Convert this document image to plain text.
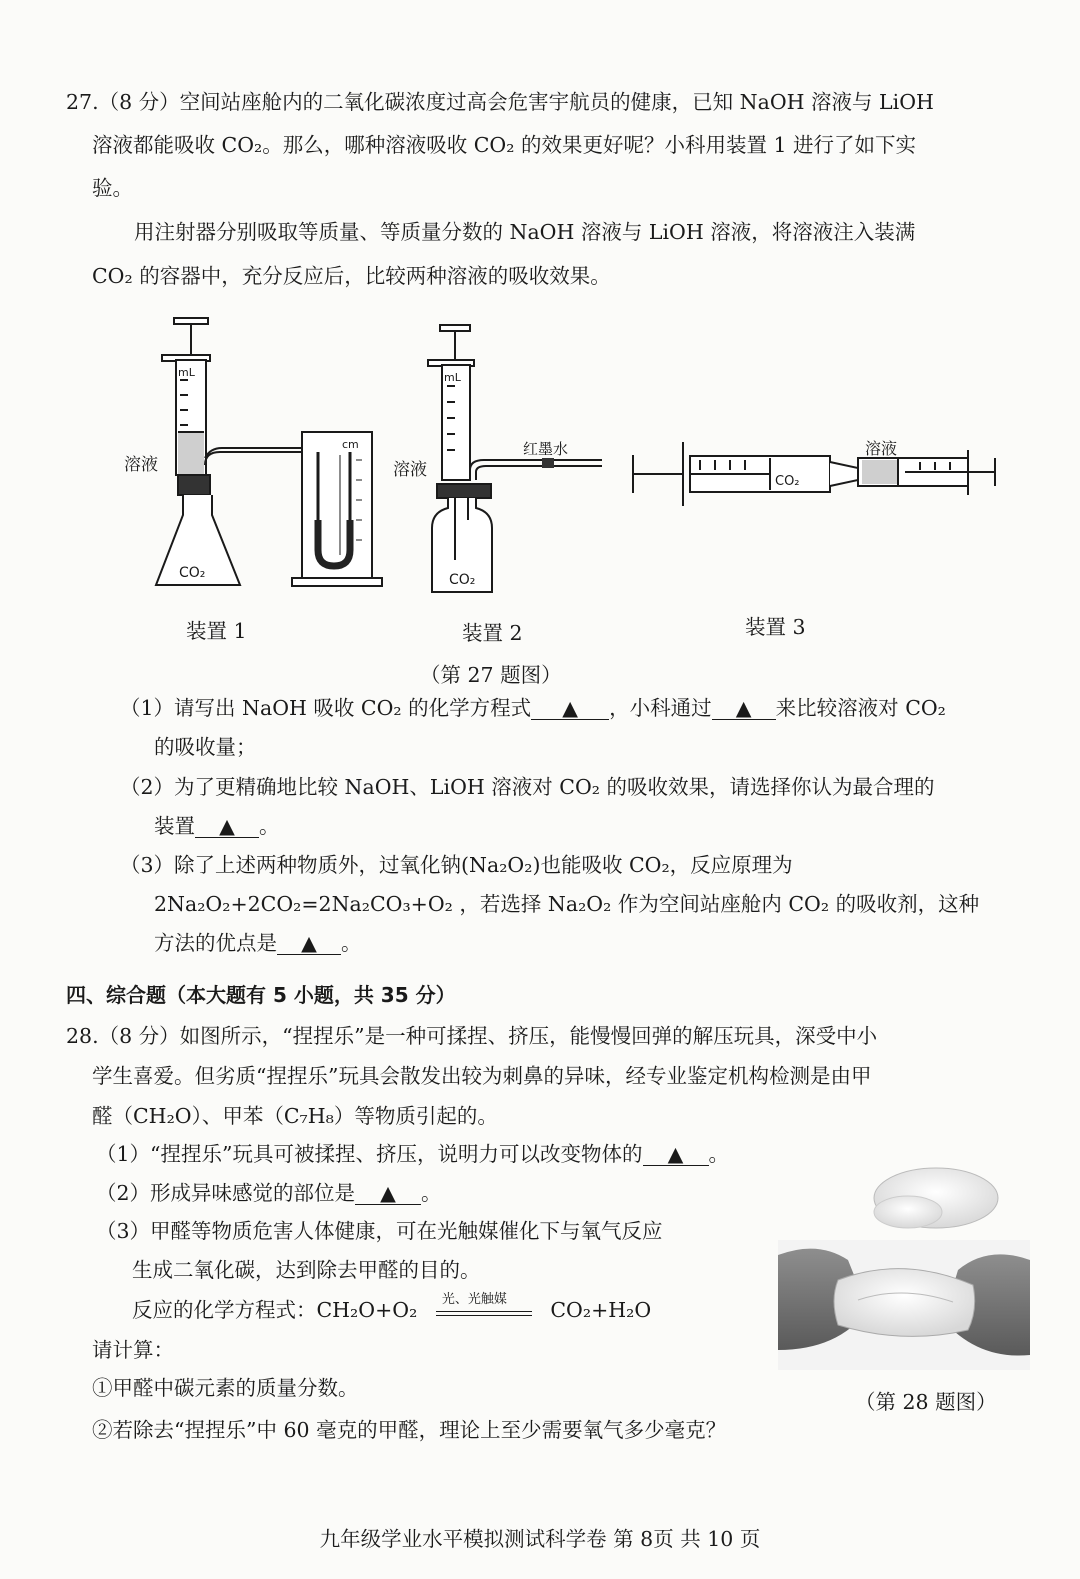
27.（8 分）空间站座舱内的二氧化碳浓度过高会危害宇航员的健康，已知 NaOH 溶液与 LiOH
溶液都能吸收 CO₂。那么，哪种溶液吸收 CO₂ 的效果更好呢？小科用装置 1 进行了如下实
验。
用注射器分别吸取等质量、等质量分数的 NaOH 溶液与 LiOH 溶液，将溶液注入装满
CO₂ 的容器中，充分反应后，比较两种溶液的吸收效果。
溶液
CO₂
mL
cm
溶液
红墨水
mL
CO₂
溶液
CO₂
装置 1	装置 2	装置 3
（第 27 题图）
（1）请写出 NaOH 吸收 CO₂ 的化学方程式 ▲ ，小科通过 ▲ 来比较溶液对 CO₂
的吸收量；
（2）为了更精确地比较 NaOH、LiOH 溶液对 CO₂ 的吸收效果，请选择你认为最合理的
装置 ▲ 。
（3）除了上述两种物质外，过氧化钠(Na₂O₂)也能吸收 CO₂，反应原理为
2Na₂O₂+2CO₂=2Na₂CO₃+O₂ ，若选择 Na₂O₂ 作为空间站座舱内 CO₂ 的吸收剂，这种
方法的优点是 ▲ 。
四、综合题（本大题有 5 小题，共 35 分）
28.（8 分）如图所示，“捏捏乐”是一种可揉捏、挤压，能慢慢回弹的解压玩具，深受中小
学生喜爱。但劣质“捏捏乐”玩具会散发出较为刺鼻的异味，经专业鉴定机构检测是由甲
醛（CH₂O）、甲苯（C₇H₈）等物质引起的。
（1）“捏捏乐”玩具可被揉捏、挤压，说明力可以改变物体的 ▲ 。
（2）形成异味感觉的部位是 ▲ 。
（3）甲醛等物质危害人体健康，可在光触媒催化下与氧气反应
生成二氧化碳，达到除去甲醛的目的。
反应的化学方程式：CH₂O+O₂ 光、光触媒 CO₂+H₂O
请计算：
①甲醛中碳元素的质量分数。
②若除去“捏捏乐”中 60 毫克的甲醛，理论上至少需要氧气多少毫克？
（第 28 题图）
九年级学业水平模拟测试科学卷 第 8页 共 10 页
